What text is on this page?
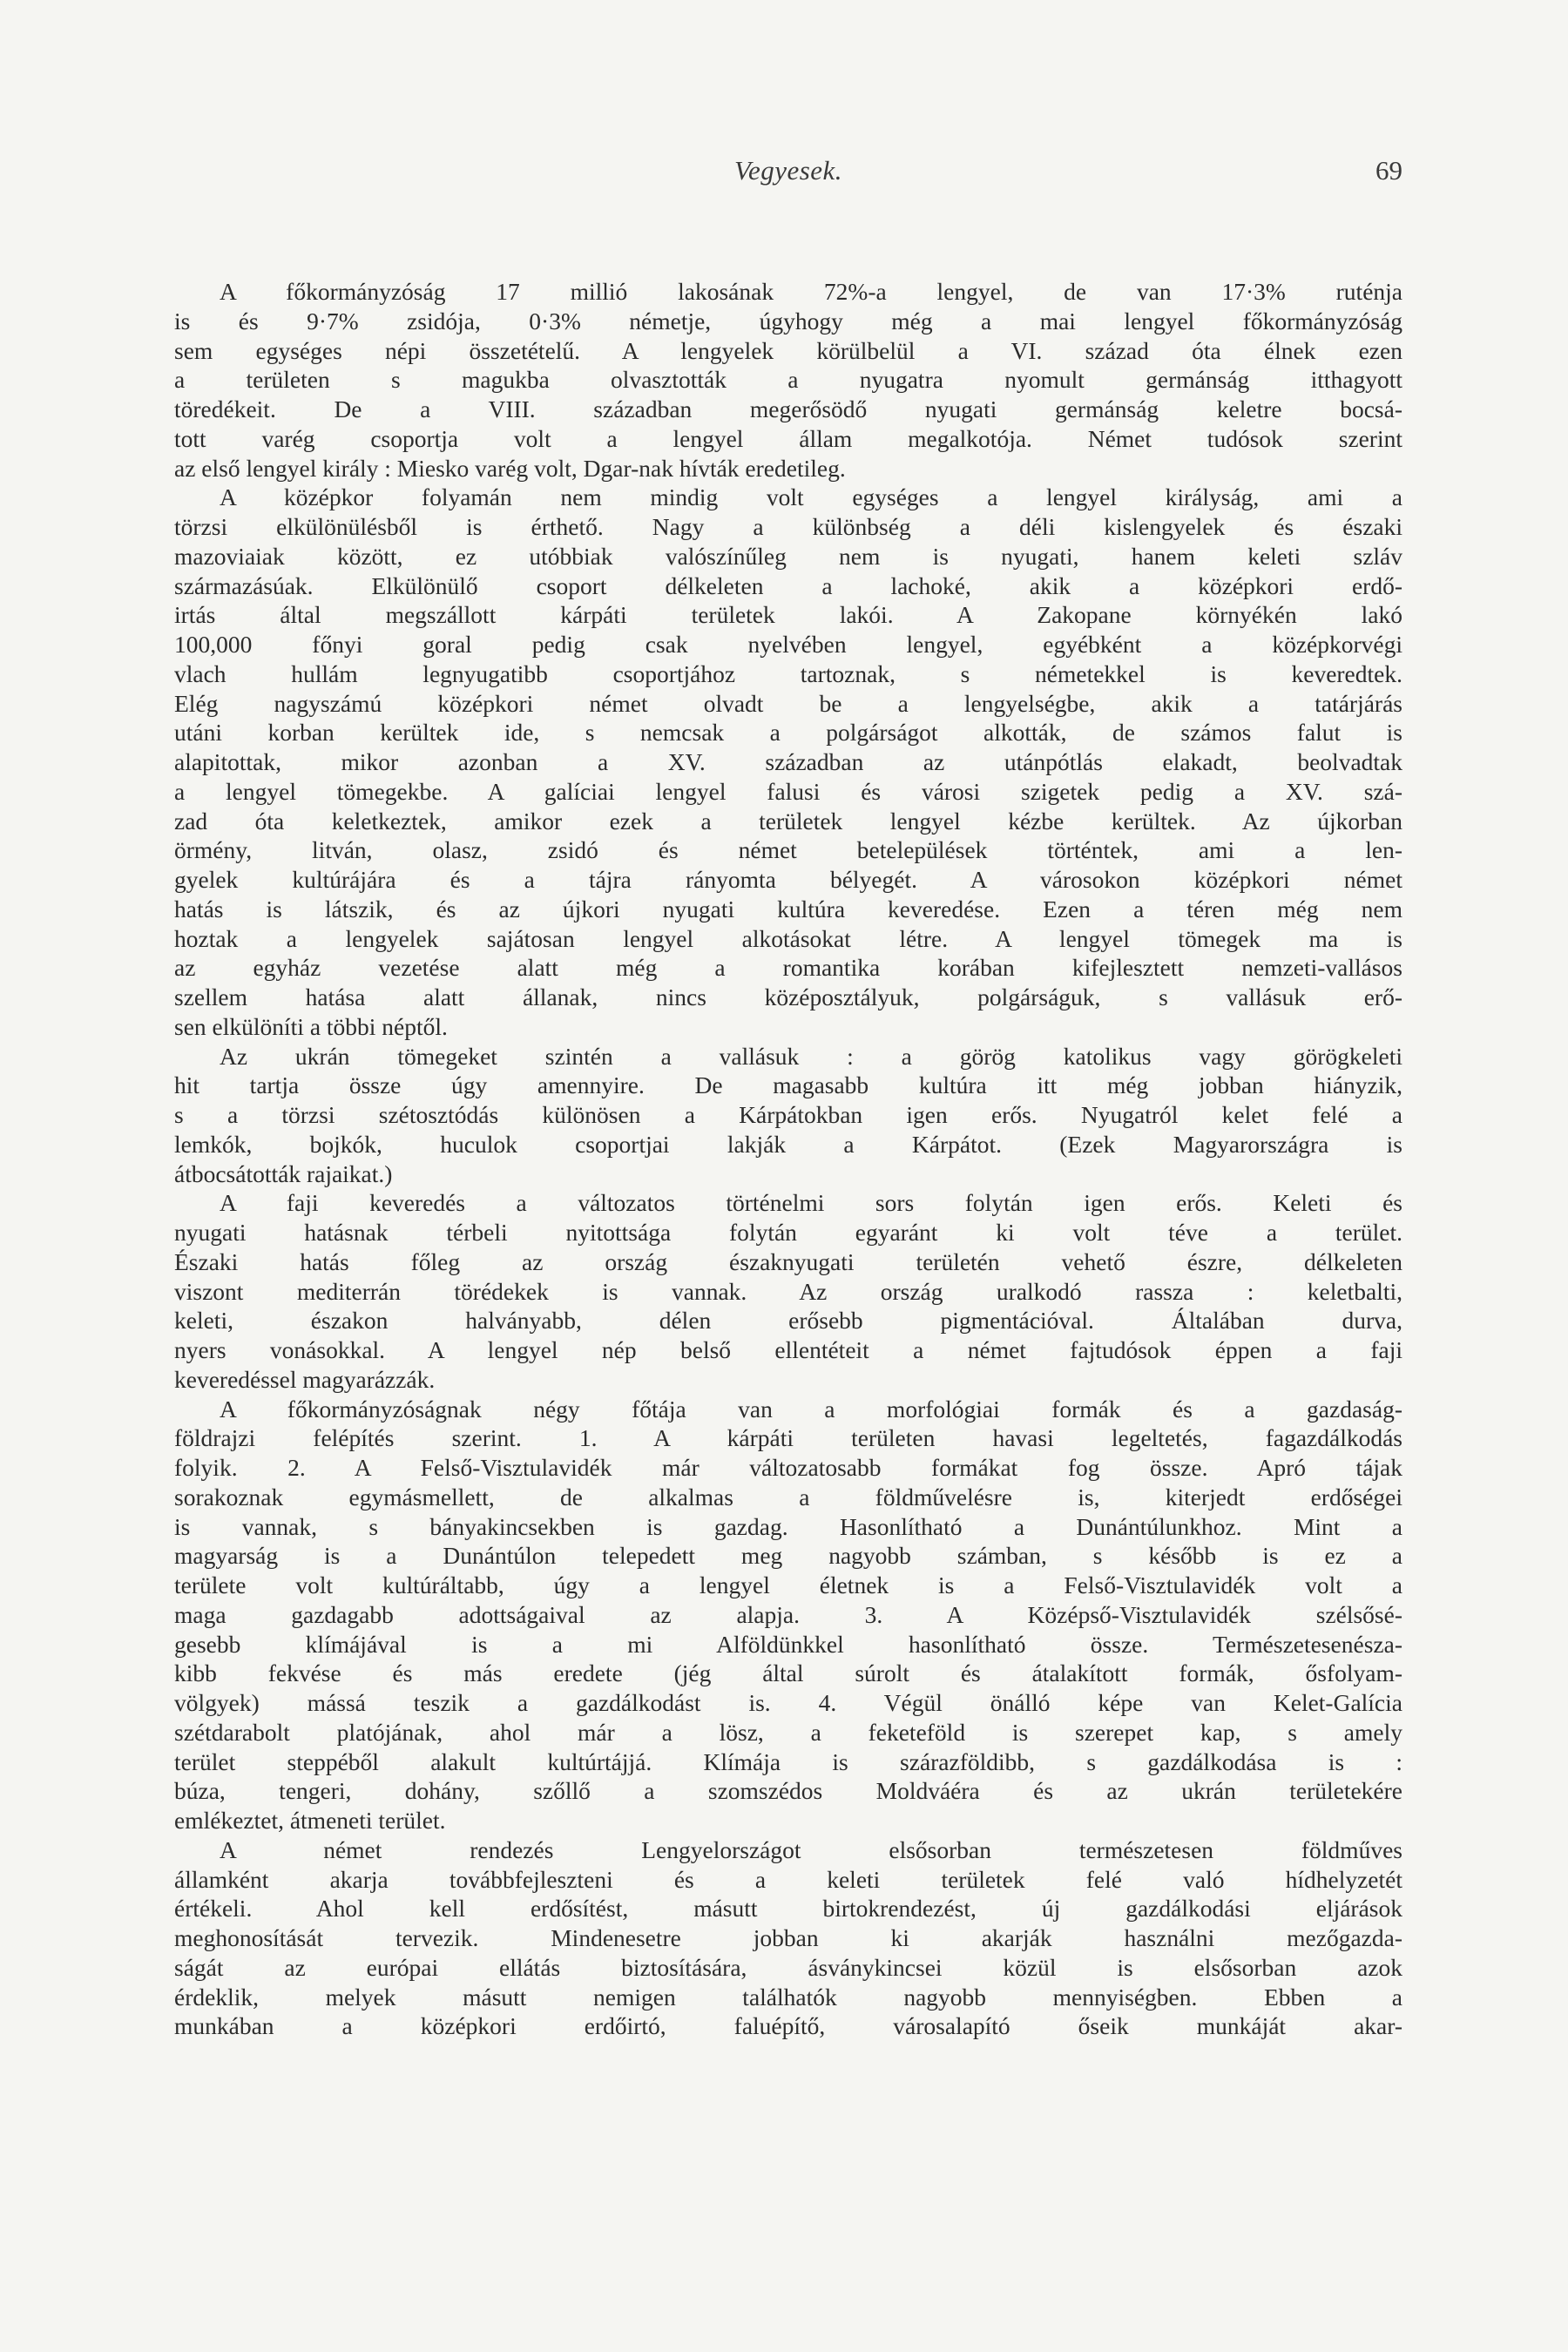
Vegyesek.	69
A főkormányzóság 17 millió lakosának 72%-a lengyel, de van 17·3% ruténja
is és 9·7% zsidója, 0·3% németje, úgyhogy még a mai lengyel főkormányzóság
sem egységes népi összetételű. A lengyelek körülbelül a VI. század óta élnek ezen
a területen s magukba olvasztották a nyugatra nyomult germánság itthagyott
töredékeit. De a VIII. században megerősödő nyugati germánság keletre bocsá-
tott varég csoportja volt a lengyel állam megalkotója. Német tudósok szerint
az első lengyel király : Miesko varég volt, Dgar-nak hívták eredetileg.
A középkor folyamán nem mindig volt egységes a lengyel királyság, ami a
törzsi elkülönülésből is érthető. Nagy a különbség a déli kislengyelek és északi
mazoviaiak között, ez utóbbiak valószínűleg nem is nyugati, hanem keleti szláv
származásúak. Elkülönülő csoport délkeleten a lachoké, akik a középkori erdő-
irtás által megszállott kárpáti területek lakói. A Zakopane környékén lakó
100,000 főnyi goral pedig csak nyelvében lengyel, egyébként a középkorvégi
vlach hullám legnyugatibb csoportjához tartoznak, s németekkel is keveredtek.
Elég nagyszámú középkori német olvadt be a lengyelségbe, akik a tatárjárás
utáni korban kerültek ide, s nemcsak a polgárságot alkották, de számos falut is
alapitottak, mikor azonban a XV. században az utánpótlás elakadt, beolvadtak
a lengyel tömegekbe. A galíciai lengyel falusi és városi szigetek pedig a XV. szá-
zad óta keletkeztek, amikor ezek a területek lengyel kézbe kerültek. Az újkorban
örmény, litván, olasz, zsidó és német betelepülések történtek, ami a len-
gyelek kultúrájára és a tájra rányomta bélyegét. A városokon középkori német
hatás is látszik, és az újkori nyugati kultúra keveredése. Ezen a téren még nem
hoztak a lengyelek sajátosan lengyel alkotásokat létre. A lengyel tömegek ma is
az egyház vezetése alatt még a romantika korában kifejlesztett nemzeti-vallásos
szellem hatása alatt állanak, nincs középosztályuk, polgárságuk, s vallásuk erő-
sen elkülöníti a többi néptől.
Az ukrán tömegeket szintén a vallásuk : a görög katolikus vagy görögkeleti
hit tartja össze úgy amennyire. De magasabb kultúra itt még jobban hiányzik,
s a törzsi szétosztódás különösen a Kárpátokban igen erős. Nyugatról kelet felé a
lemkók, bojkók, huculok csoportjai lakják a Kárpátot. (Ezek Magyarországra is
átbocsátották rajaikat.)
A faji keveredés a változatos történelmi sors folytán igen erős. Keleti és
nyugati hatásnak térbeli nyitottsága folytán egyaránt ki volt téve a terület.
Északi hatás főleg az ország északnyugati területén vehető észre, délkeleten
viszont mediterrán törédekek is vannak. Az ország uralkodó rassza : keletbalti,
keleti, északon halványabb, délen erősebb pigmentációval. Általában durva,
nyers vonásokkal. A lengyel nép belső ellentéteit a német fajtudósok éppen a faji
keveredéssel magyarázzák.
A főkormányzóságnak négy főtája van a morfológiai formák és a gazdaság-
földrajzi felépítés szerint. 1. A kárpáti területen havasi legeltetés, fagazdálkodás
folyik. 2. A Felső-Visztulavidék már változatosabb formákat fog össze. Apró tájak
sorakoznak egymásmellett, de alkalmas a földművelésre is, kiterjedt erdőségei
is vannak, s bányakincsekben is gazdag. Hasonlítható a Dunántúlunkhoz. Mint a
magyarság is a Dunántúlon telepedett meg nagyobb számban, s később is ez a
területe volt kultúráltabb, úgy a lengyel életnek is a Felső-Visztulavidék volt a
maga gazdagabb adottságaival az alapja. 3. A Középső-Visztulavidék szélsősé-
gesebb klímájával is a mi Alföldünkkel hasonlítható össze. Természetesenésza-
kibb fekvése és más eredete (jég által súrolt és átalakított formák, ősfolyam-
völgyek) mássá teszik a gazdálkodást is. 4. Végül önálló képe van Kelet-Galícia
szétdarabolt platójának, ahol már a lösz, a feketeföld is szerepet kap, s amely
terület steppéből alakult kultúrtájjá. Klímája is szárazföldibb, s gazdálkodása is :
búza, tengeri, dohány, szőllő a szomszédos Moldváéra és az ukrán területekére
emlékeztet, átmeneti terület.
A német rendezés Lengyelországot elsősorban természetesen földműves
államként akarja továbbfejleszteni és a keleti területek felé való hídhelyzetét
értékeli. Ahol kell erdősítést, másutt birtokrendezést, új gazdálkodási eljárások
meghonosítását tervezik. Mindenesetre jobban ki akarják használni mezőgazda-
ságát az európai ellátás biztosítására, ásványkincsei közül is elsősorban azok
érdeklik, melyek másutt nemigen találhatók nagyobb mennyiségben. Ebben a
munkában a középkori erdőirtó, faluépítő, városalapító őseik munkáját akar-
